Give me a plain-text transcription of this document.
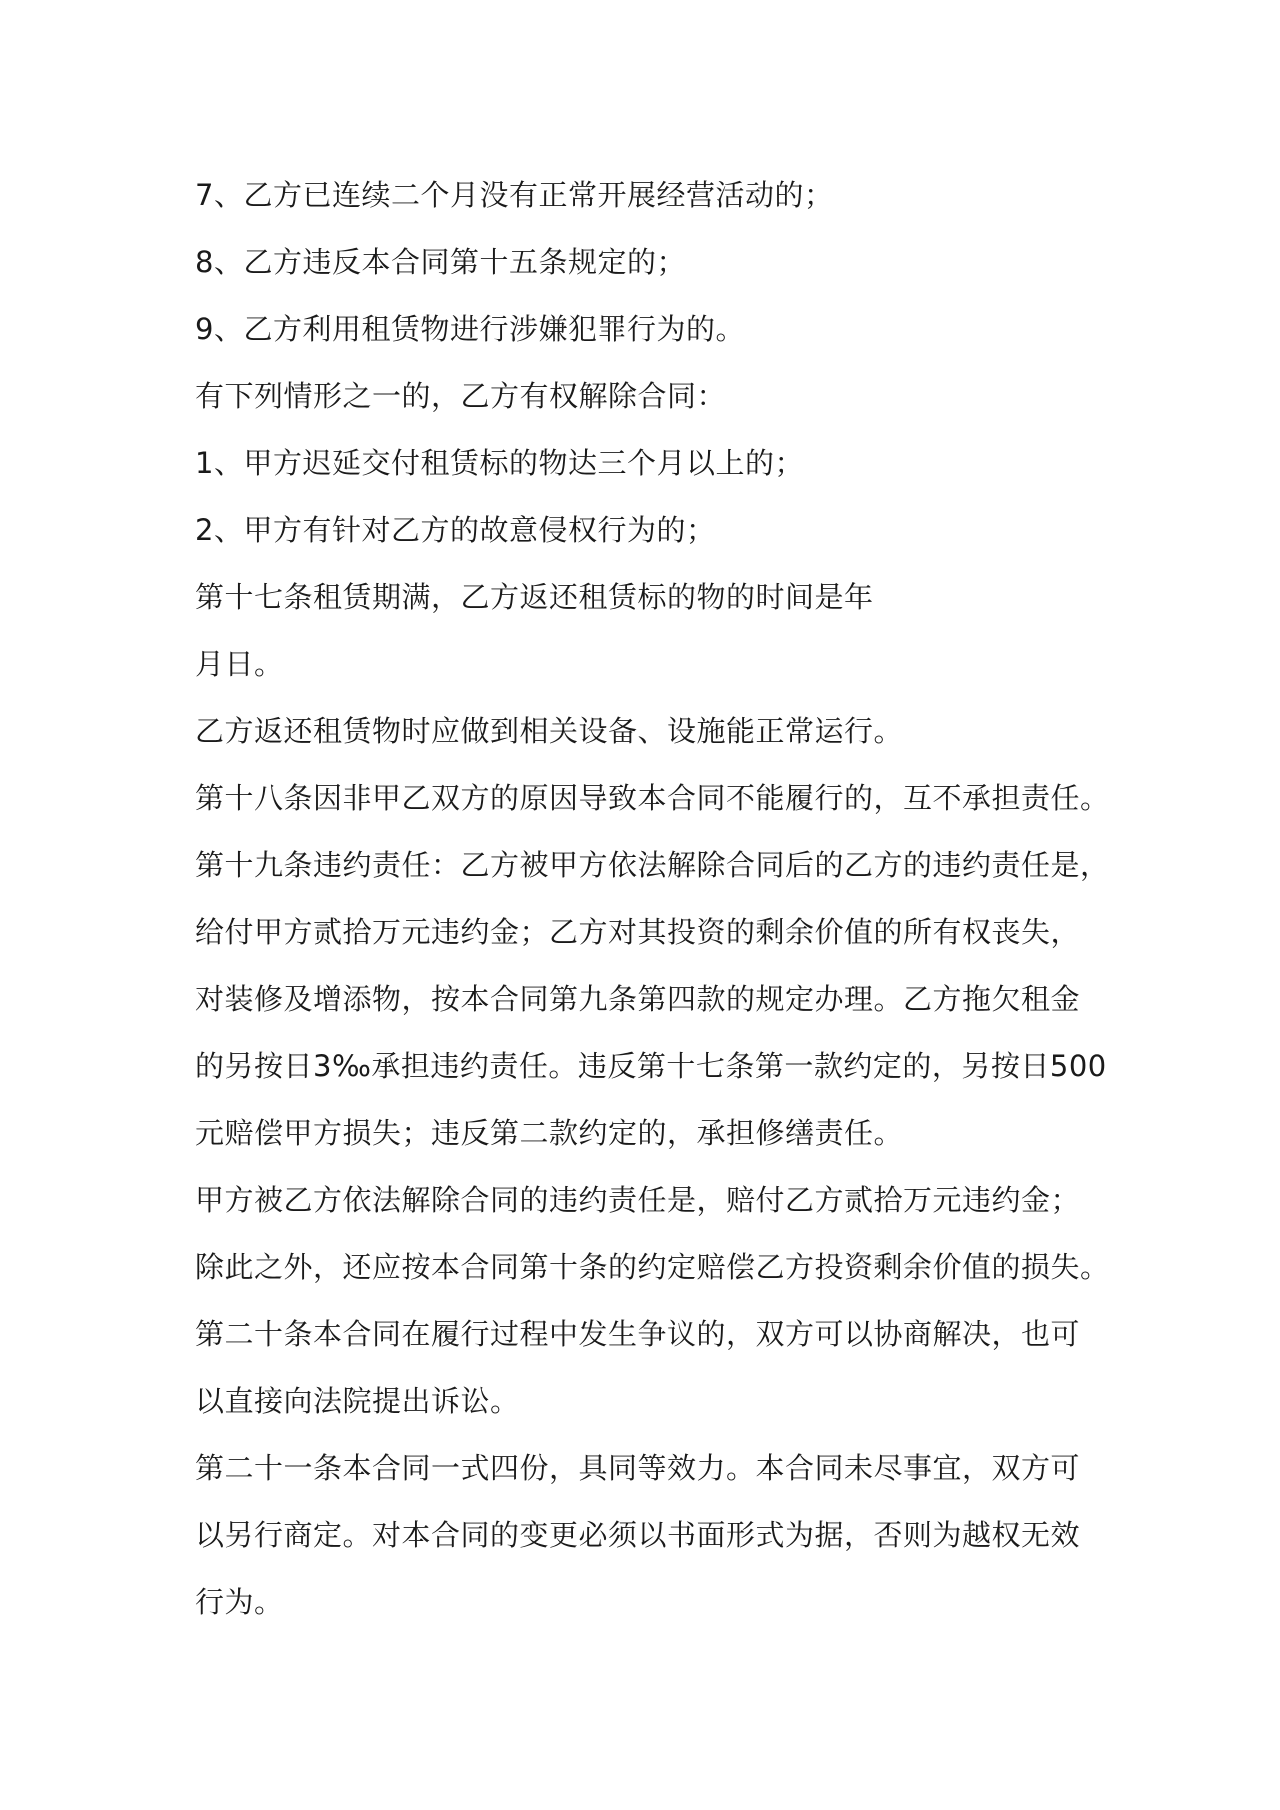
7、乙方已连续二个月没有正常开展经营活动的；
8、乙方违反本合同第十五条规定的；
9、乙方利用租赁物进行涉嫌犯罪行为的。
有下列情形之一的，乙方有权解除合同：
1、甲方迟延交付租赁标的物达三个月以上的；
2、甲方有针对乙方的故意侵权行为的；
第十七条租赁期满，乙方返还租赁标的物的时间是年
月日。
乙方返还租赁物时应做到相关设备、设施能正常运行。
第十八条因非甲乙双方的原因导致本合同不能履行的，互不承担责任。
第十九条违约责任：乙方被甲方依法解除合同后的乙方的违约责任是，
给付甲方贰拾万元违约金；乙方对其投资的剩余价值的所有权丧失，
对装修及增添物，按本合同第九条第四款的规定办理。乙方拖欠租金
的另按日3‰承担违约责任。违反第十七条第一款约定的，另按日500
元赔偿甲方损失；违反第二款约定的，承担修缮责任。
甲方被乙方依法解除合同的违约责任是，赔付乙方贰拾万元违约金；
除此之外，还应按本合同第十条的约定赔偿乙方投资剩余价值的损失。
第二十条本合同在履行过程中发生争议的，双方可以协商解决，也可
以直接向法院提出诉讼。
第二十一条本合同一式四份，具同等效力。本合同未尽事宜，双方可
以另行商定。对本合同的变更必须以书面形式为据，否则为越权无效
行为。
